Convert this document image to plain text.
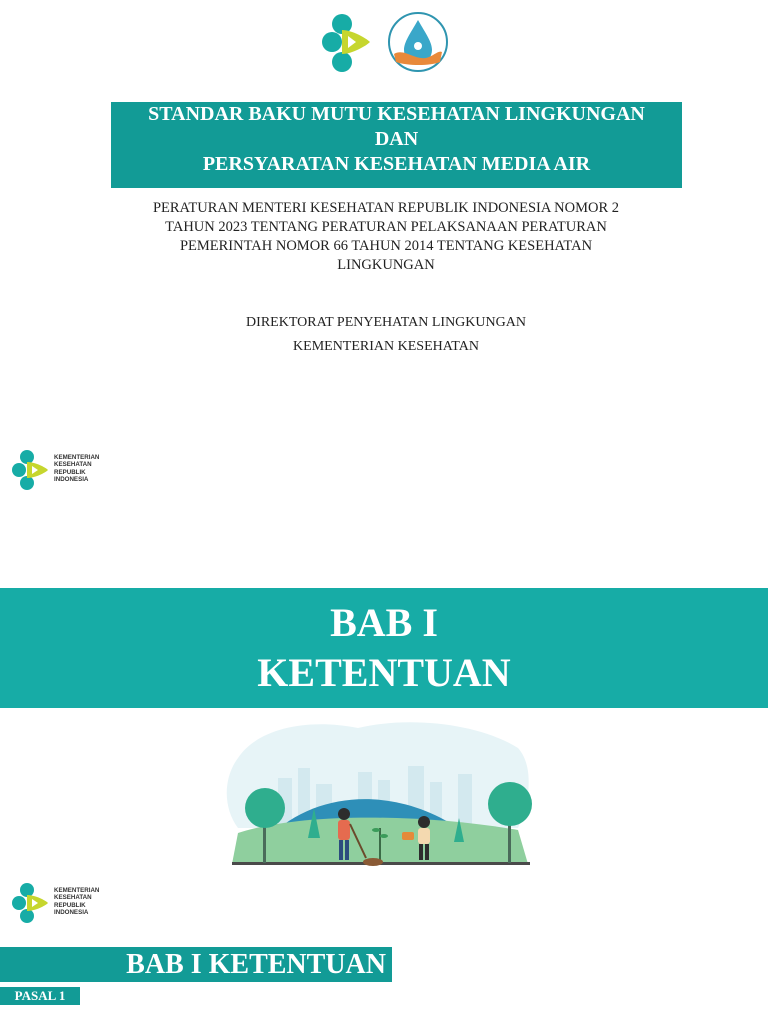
STANDAR BAKU MUTU KESEHATAN LINGKUNGAN
DAN
PERSYARATAN KESEHATAN MEDIA AIR
PERATURAN MENTERI KESEHATAN REPUBLIK INDONESIA NOMOR 2
TAHUN 2023 TENTANG PERATURAN PELAKSANAAN PERATURAN
PEMERINTAH NOMOR 66 TAHUN 2014 TENTANG KESEHATAN
LINGKUNGAN
DIREKTORAT PENYEHATAN LINGKUNGAN
KEMENTERIAN KESEHATAN
KEMENTERIAN
KESEHATAN
REPUBLIK
INDONESIA
BAB I
KETENTUAN
KEMENTERIAN
KESEHATAN
REPUBLIK
INDONESIA
BAB I KETENTUAN
PASAL 1
